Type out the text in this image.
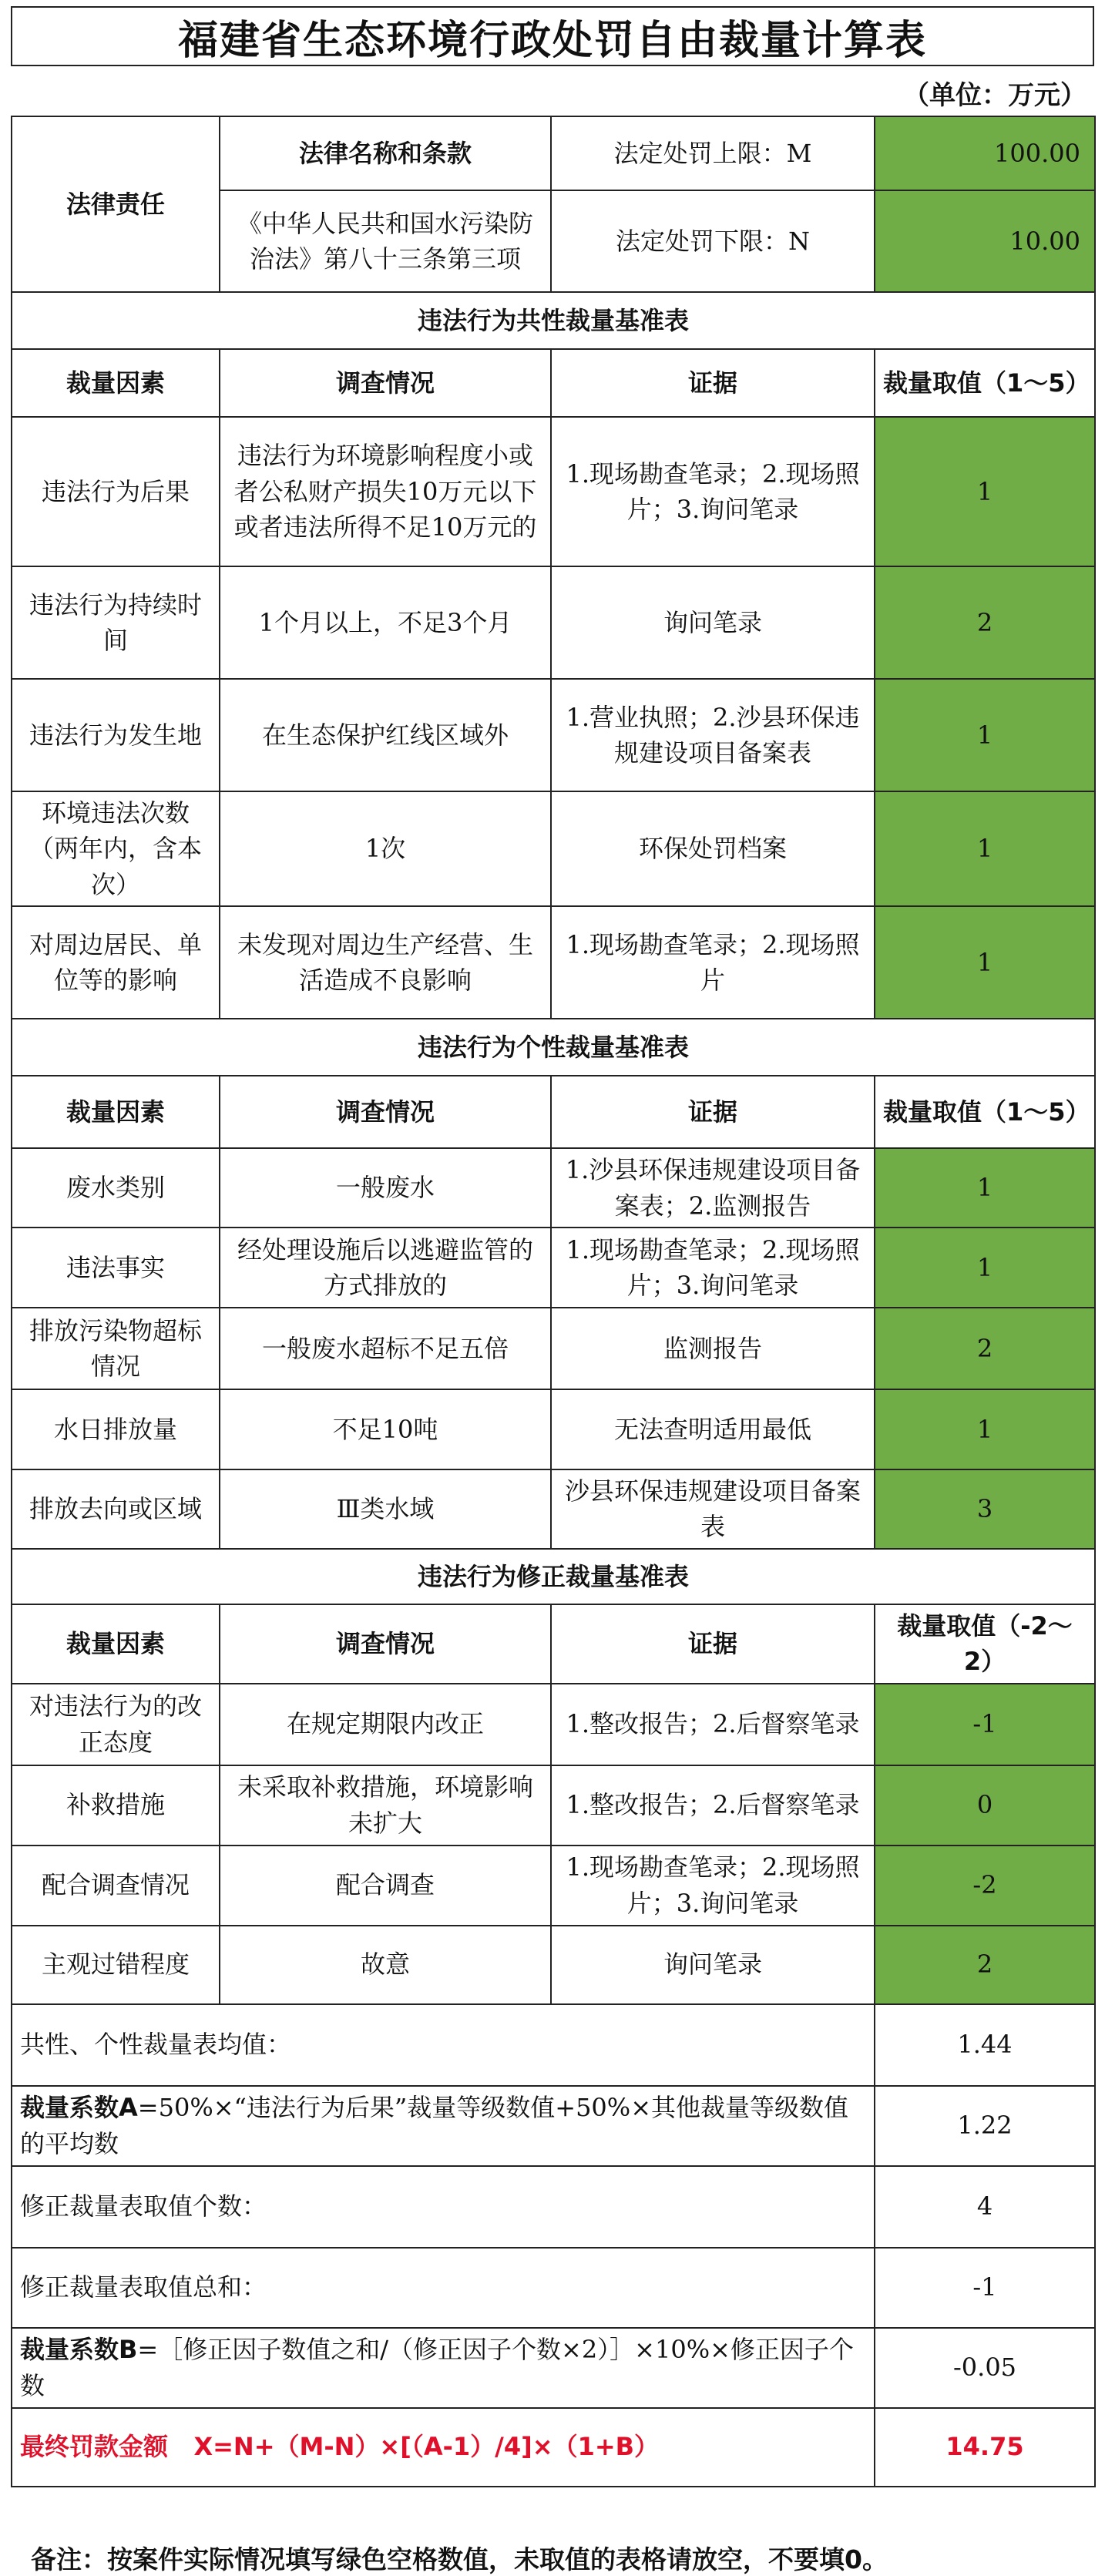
福建省生态环境行政处罚自由裁量计算表
（单位：万元）
法律责任	法律名称和条款	法定处罚上限：M	100.00
	《中华人民共和国水污染防治法》第八十三条第三项	法定处罚下限：N	10.00
违法行为共性裁量基准表			
裁量因素	调查情况	证据	裁量取值（1～5）
违法行为后果	违法行为环境影响程度小或者公私财产损失10万元以下或者违法所得不足10万元的	1.现场勘查笔录；2.现场照片；3.询问笔录	1
违法行为持续时间	1个月以上，不足3个月	询问笔录	2
违法行为发生地	在生态保护红线区域外	1.营业执照；2.沙县环保违规建设项目备案表	1
环境违法次数（两年内，含本次）	1次	环保处罚档案	1
对周边居民、单位等的影响	未发现对周边生产经营、生活造成不良影响	1.现场勘查笔录；2.现场照片	1
违法行为个性裁量基准表			
裁量因素	调查情况	证据	裁量取值（1～5）
废水类别	一般废水	1.沙县环保违规建设项目备案表；2.监测报告	1
违法事实	经处理设施后以逃避监管的方式排放的	1.现场勘查笔录；2.现场照片；3.询问笔录	1
排放污染物超标情况	一般废水超标不足五倍	监测报告	2
水日排放量	不足10吨	无法查明适用最低	1
排放去向或区域	Ⅲ类水域	沙县环保违规建设项目备案表	3
违法行为修正裁量基准表			
裁量因素	调查情况	证据	裁量取值（-2～2）
对违法行为的改正态度	在规定期限内改正	1.整改报告；2.后督察笔录	-1
补救措施	未采取补救措施，环境影响未扩大	1.整改报告；2.后督察笔录	0
配合调查情况	配合调查	1.现场勘查笔录；2.现场照片；3.询问笔录	-2
主观过错程度	故意	询问笔录	2
共性、个性裁量表均值：			1.44
裁量系数A=50%×“违法行为后果”裁量等级数值+50%×其他裁量等级数值的平均数			1.22
修正裁量表取值个数：			4
修正裁量表取值总和：			-1
裁量系数B=［修正因子数值之和/（修正因子个数×2）］×10%×修正因子个数			-0.05
最终罚款金额 X=N+（M-N）×[（A-1）/4]×（1+B）			14.75
备注：按案件实际情况填写绿色空格数值，未取值的表格请放空，不要填0。
